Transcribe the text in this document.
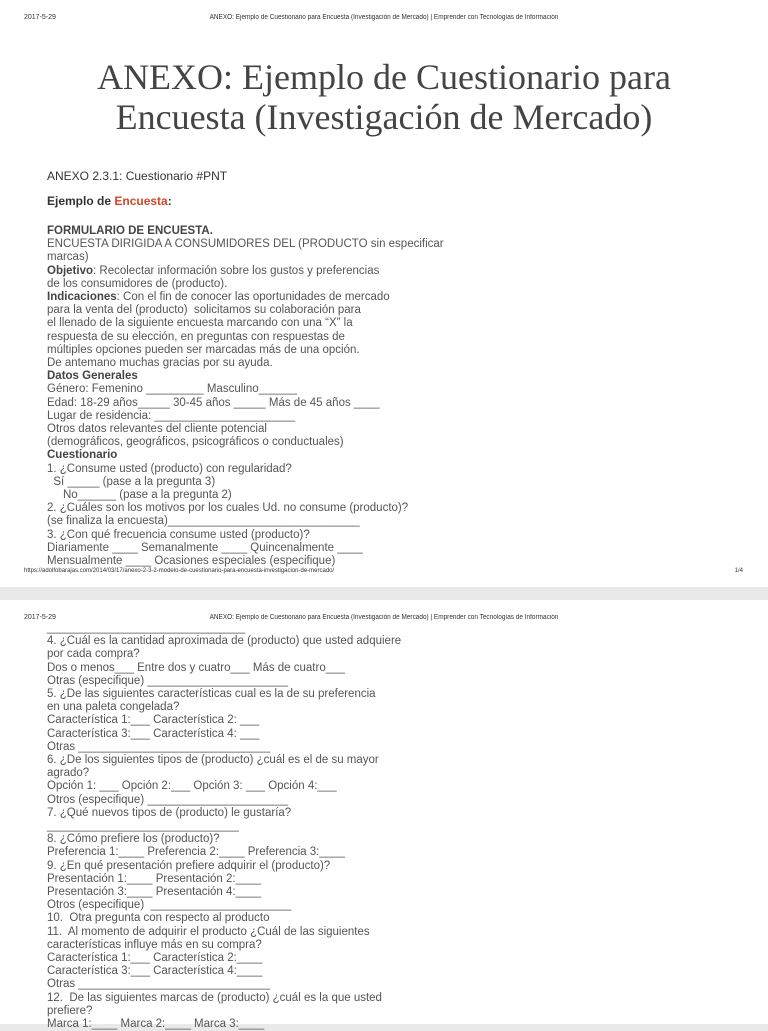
2017-5-29	ANEXO: Ejemplo de Cuestionario para Encuesta (Investigación de Mercado) | Emprender con Tecnologías de Información
ANEXO: Ejemplo de Cuestionario para
Encuesta (Investigación de Mercado)
ANEXO 2.3.1: Cuestionario #PNT
Ejemplo de Encuesta:
FORMULARIO DE ENCUESTA.
ENCUESTA DIRIGIDA A CONSUMIDORES DEL (PRODUCTO sin especificar
marcas)
Objetivo: Recolectar información sobre los gustos y preferencias
de los consumidores de (producto).
Indicaciones: Con el fin de conocer las oportunidades de mercado
para la venta del (producto)  solicitamos su colaboración para
el llenado de la siguiente encuesta marcando con una “X” la
respuesta de su elección, en preguntas con respuestas de
múltiples opciones pueden ser marcadas más de una opción.
De antemano muchas gracias por su ayuda.
Datos Generales
Género: Femenino _________ Masculino______
Edad: 18-29 años_____ 30-45 años _____ Más de 45 años ____
Lugar de residencia: ______________________
Otros datos relevantes del cliente potencial
(demográficos, geográficos, psicográficos o conductuales)
Cuestionario
1. ¿Consume usted (producto) con regularidad?
Sí _____ (pase a la pregunta 3)
No______ (pase a la pregunta 2)
2. ¿Cuáles son los motivos por los cuales Ud. no consume (producto)?
(se finaliza la encuesta)______________________________
3. ¿Con qué frecuencia consume usted (producto)?
Diariamente ____ Semanalmente ____ Quincenalmente ____
Mensualmente ____ Ocasiones especiales (especifique)
https://adolfobarajas.com/2014/03/17/anexo-2-3-2-modelo-de-cuestionario-para-encuesta-investigacion-de-mercado/	1/4
2017-5-29	ANEXO: Ejemplo de Cuestionario para Encuesta (Investigación de Mercado) | Emprender con Tecnologías de Información
_______________________________
4. ¿Cuál es la cantidad aproximada de (producto) que usted adquiere
por cada compra?
Dos o menos___ Entre dos y cuatro___ Más de cuatro___
Otras (especifique) ______________________
5. ¿De las siguientes características cual es la de su preferencia
en una paleta congelada?
Característica 1:___ Característica 2: ___
Característica 3:___ Característica 4: ___
Otras ______________________________
6. ¿De los siguientes tipos de (producto) ¿cuál es el de su mayor
agrado?
Opción 1: ___ Opción 2:___ Opción 3: ___ Opción 4:___
Otros (especifique) ______________________
7. ¿Qué nuevos tipos de (producto) le gustaría?
______________________________
8. ¿Cómo prefiere los (producto)?
Preferencia 1:____ Preferencia 2:____ Preferencia 3:____
9. ¿En qué presentación prefiere adquirir el (producto)?
Presentación 1:____ Presentación 2:____
Presentación 3:____ Presentación 4:____
Otros (especifique)  ______________________
10.  Otra pregunta con respecto al producto
11.  Al momento de adquirir el producto ¿Cuál de las siguientes
características influye más en su compra?
Característica 1:___ Característica 2:____
Característica 3:___ Característica 4:____
Otras ______________________________
12.  De las siguientes marcas de (producto) ¿cuál es la que usted
prefiere?
Marca 1:____ Marca 2:____ Marca 3:____
